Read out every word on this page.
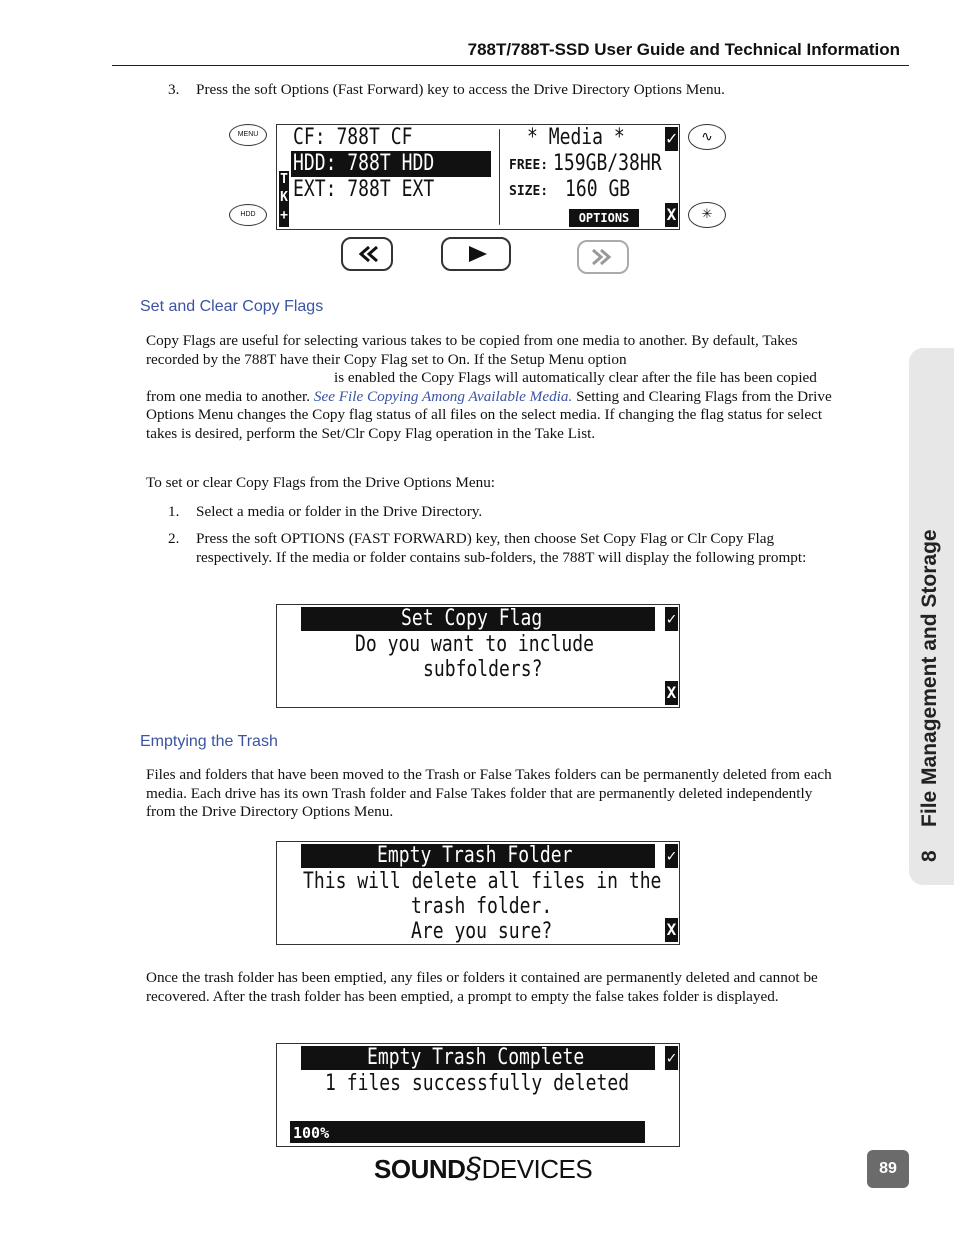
788T/788T-SSD User Guide and Technical Information
3. Press the soft Options (Fast Forward) key to access the Drive Directory Options Menu.
MENU
HDD
∿
✳
T
K
+
CF: 788T CF
HDD: 788T HDD
EXT: 788T EXT
* Media *
FREE: 159GB/38HR
SIZE: 160 GB
OPTIONS
✓
X
Set and Clear Copy Flags
Copy Flags are useful for selecting various takes to be copied from one media to another. By default, Takes recorded by the 788T have their Copy Flag set to On. If the Setup Menu option
is enabled the Copy Flags will automatically clear after the file has been copied from one media to another. See File Copying Among Available Media. Setting and Clearing Flags from the Drive Options Menu changes the Copy flag status of all files on the select media. If changing the flag status for select takes is desired, perform the Set/Clr Copy Flag operation in the Take List.
To set or clear Copy Flags from the Drive Options Menu:
1. Select a media or folder in the Drive Directory.
2.	Press the soft OPTIONS (FAST FORWARD) key, then choose Set Copy Flag or Clr Copy Flag respectively. If the media or folder contains sub-folders, the 788T will display the following prompt:
Set Copy Flag
Do you want to include
subfolders?
✓
X
Emptying the Trash
Files and folders that have been moved to the Trash or False Takes folders can be permanently deleted from each media. Each drive has its own Trash folder and False Takes folder that are permanently deleted independently from the Drive Directory Options Menu.
Empty Trash Folder
This will delete all files in the
trash folder.
Are you sure?
✓
X
Once the trash folder has been emptied, any files or folders it contained are permanently deleted and cannot be recovered. After the trash folder has been emptied, a prompt to empty the false takes folder is displayed.
Empty Trash Complete
1 files successfully deleted
100%
✓
8    File Management and Storage
SOUND§DEVICES	89
